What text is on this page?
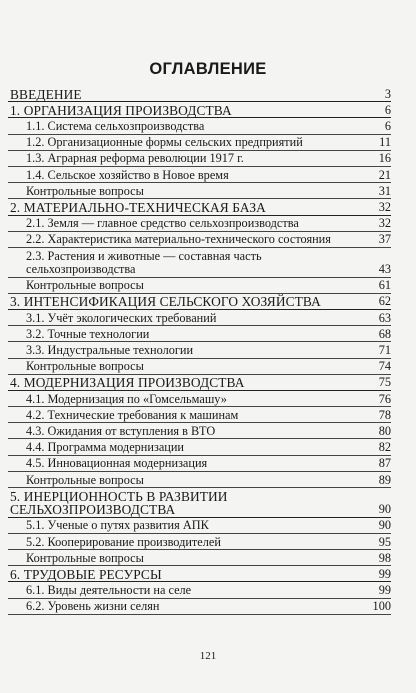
ОГЛАВЛЕНИЕ
ВВЕДЕНИЕ	3
1. ОРГАНИЗАЦИЯ ПРОИЗВОДСТВА	6
1.1. Система сельхозпроизводства	6
1.2. Организационные формы сельских предприятий	11
1.3. Аграрная реформа революции 1917 г.	16
1.4. Сельское хозяйство в Новое время	21
Контрольные вопросы	31
2. МАТЕРИАЛЬНО-ТЕХНИЧЕСКАЯ БАЗА	32
2.1. Земля — главное средство сельхозпроизводства	32
2.2. Характеристика материально-технического состояния	37
2.3. Растения и животные — составная часть сельхозпроизводства	43
Контрольные вопросы	61
3. ИНТЕНСИФИКАЦИЯ СЕЛЬСКОГО ХОЗЯЙСТВА	62
3.1. Учёт экологических требований	63
3.2. Точные технологии	68
3.3. Индустральные технологии	71
Контрольные вопросы	74
4. МОДЕРНИЗАЦИЯ ПРОИЗВОДСТВА	75
4.1. Модернизация по «Гомсельмашу»	76
4.2. Технические требования к машинам	78
4.3. Ожидания от вступления в ВТО	80
4.4. Программа модернизации	82
4.5. Инновационная модернизация	87
Контрольные вопросы	89
5. ИНЕРЦИОННОСТЬ В РАЗВИТИИ СЕЛЬХОЗПРОИЗВОДСТВА	90
5.1. Ученые о путях развития АПК	90
5.2. Кооперирование производителей	95
Контрольные вопросы	98
6. ТРУДОВЫЕ РЕСУРСЫ	99
6.1. Виды деятельности на селе	99
6.2. Уровень жизни селян	100
121
